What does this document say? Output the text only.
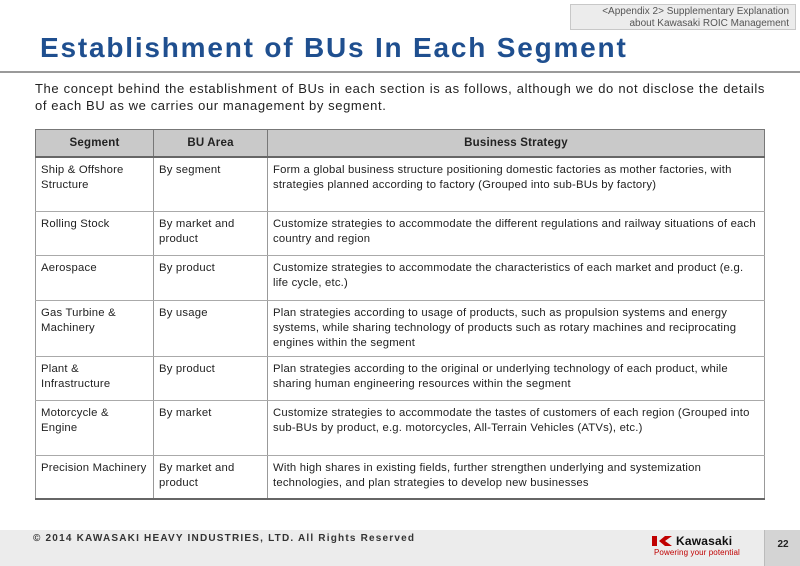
<Appendix 2> Supplementary Explanation
about Kawasaki ROIC Management
Establishment of BUs In Each Segment
The concept behind the establishment of BUs in each section is as follows, although we do not disclose the details of each BU as we carries our management by segment.
Segment	BU Area	Business Strategy
Ship & Offshore Structure	By segment	Form a global business structure positioning domestic factories as mother factories, with strategies planned according to factory (Grouped into sub-BUs by factory)
Rolling Stock	By market and product	Customize strategies to accommodate the different regulations and railway situations of each country and region
Aerospace	By product	Customize strategies to accommodate the characteristics of each market and product (e.g. life cycle, etc.)
Gas Turbine & Machinery	By usage	Plan strategies according to usage of products, such as propulsion systems and energy systems, while sharing technology of products such as rotary machines and reciprocating engines within the segment
Plant & Infrastructure	By product	Plan strategies according to the original or underlying technology of each product, while sharing human engineering resources within the segment
Motorcycle & Engine	By market	Customize strategies to accommodate the tastes of customers of each region (Grouped into sub-BUs by product, e.g. motorcycles, All-Terrain Vehicles (ATVs), etc.)
Precision Machinery	By market and product	With high shares in existing fields, further strengthen underlying and systemization technologies, and plan strategies to develop new businesses
© 2014 KAWASAKI HEAVY INDUSTRIES, LTD. All Rights Reserved	Kawasaki
Powering your potential
22
